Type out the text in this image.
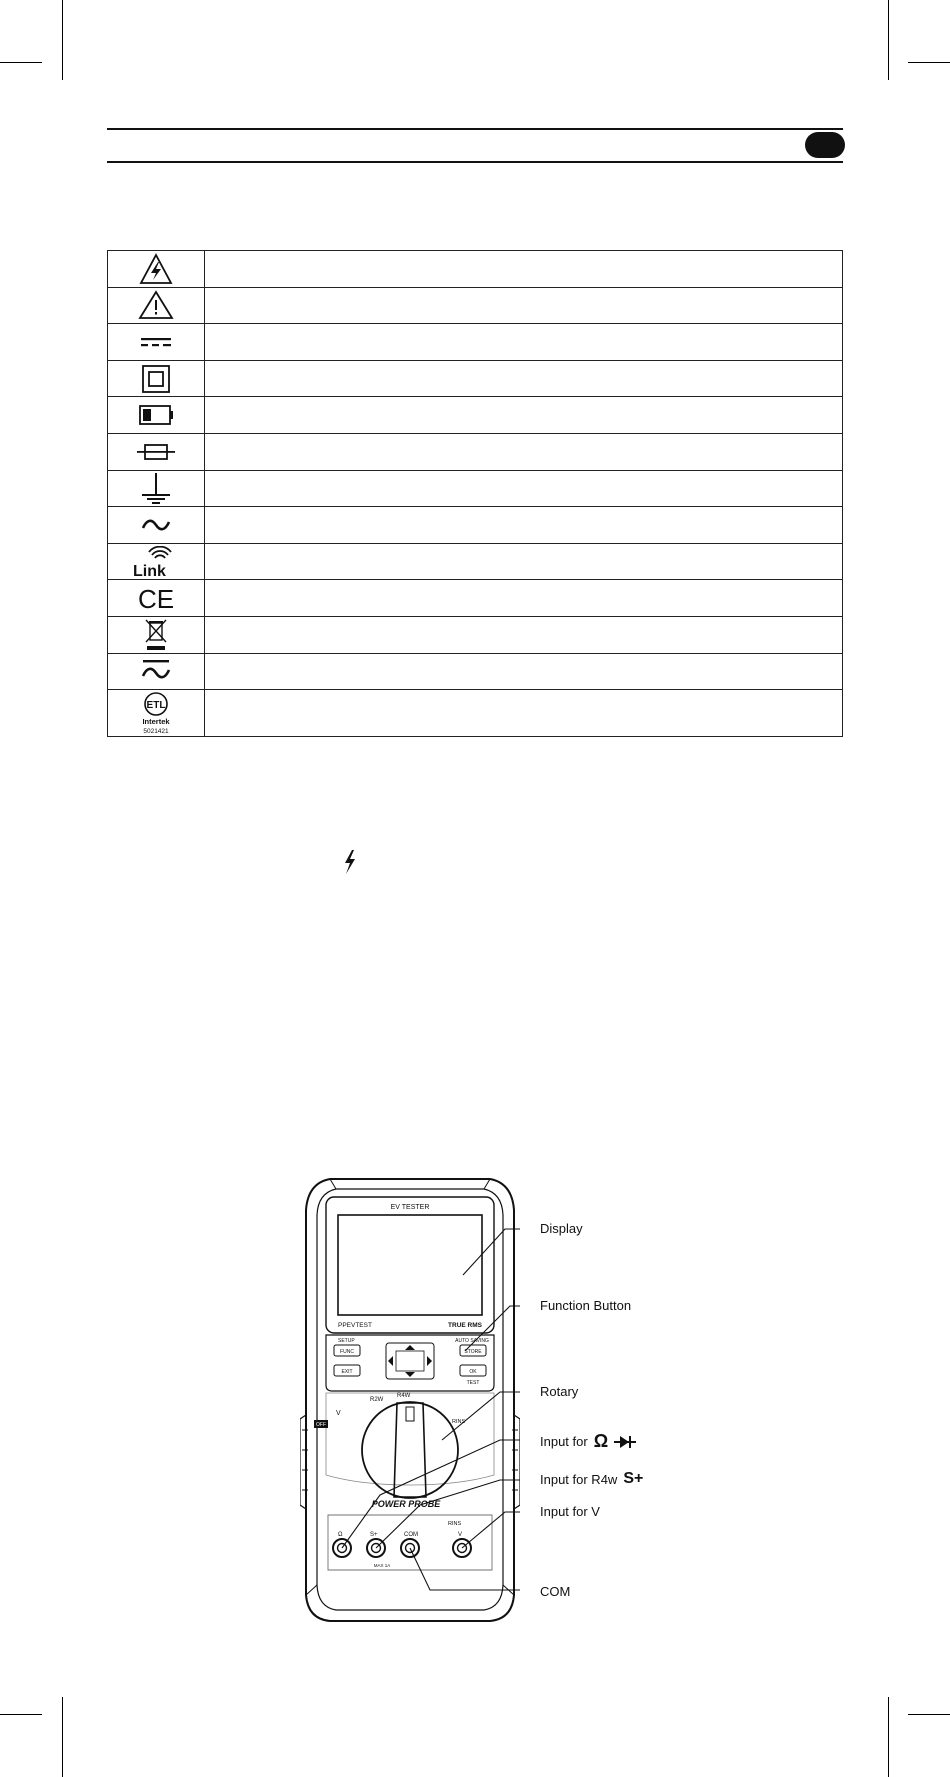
Link	

CE	

ETL
Intertek
5021421	

EV TESTER
PPEVTEST	TRUE RMS
SETUP
FUNC
AUTO SAVING
STORE
EXIT	OK
TEST
OFF
V
R2W
R4W
RINS
POWER PROBE
RINS
Ω	S+	COM	V
MAX 1A
Display
Function Button
Rotary
Input for Ω
Input for R4w S+
Input for V
COM
